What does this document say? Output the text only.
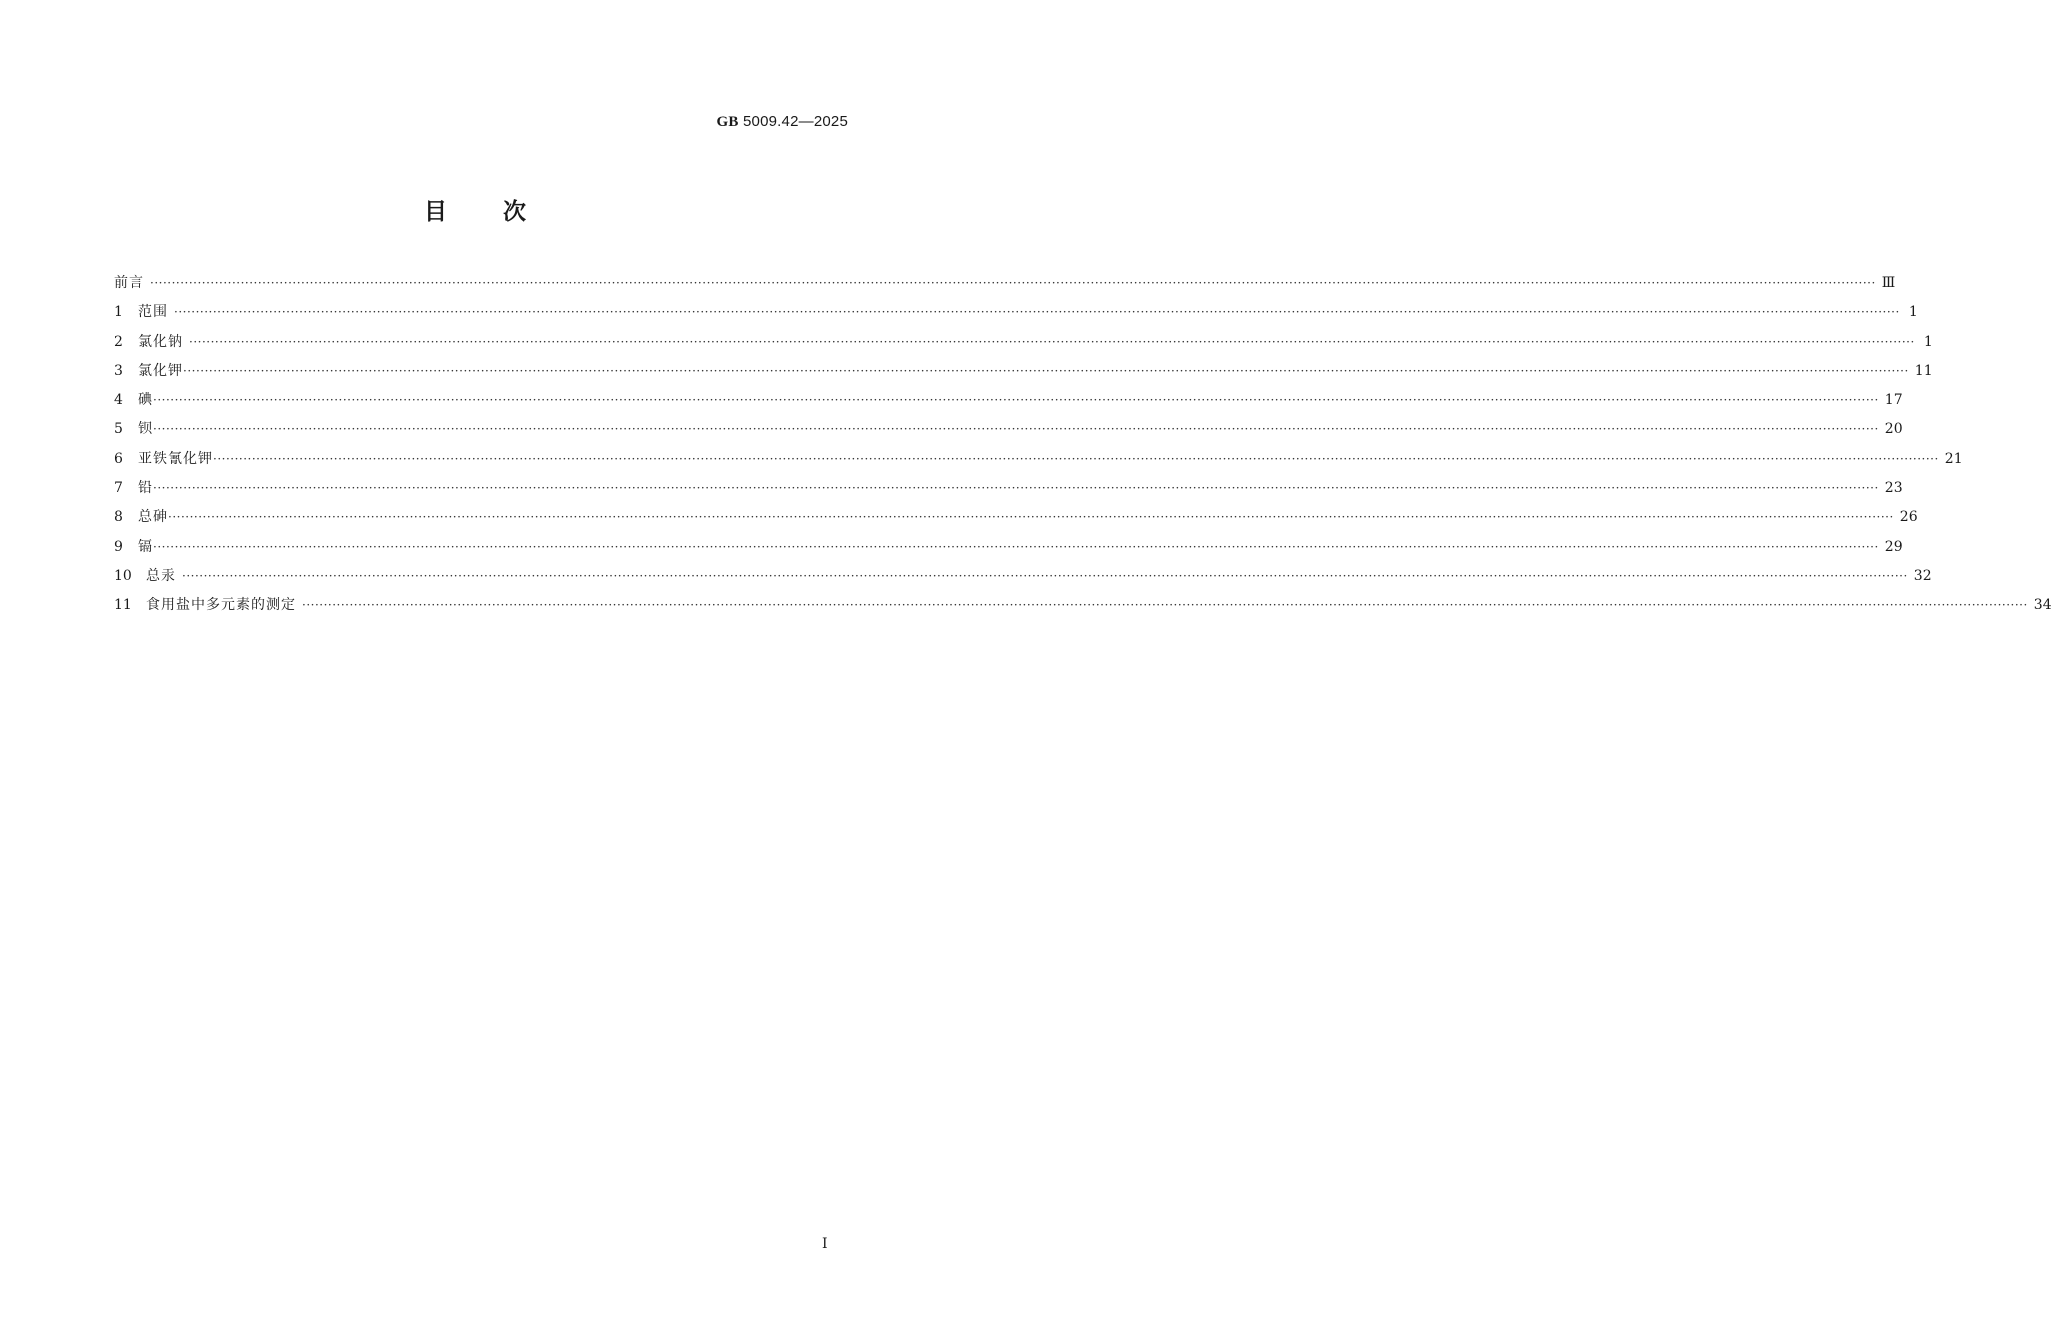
GB 5009.42—2025
目 次
前言 ················································································································································································································································································································································································································ Ⅲ
1	范围 ················································································································································································································································································································································································································ 1
2	氯化钠 ················································································································································································································································································································································································································ 1
3	氯化钾 ················································································································································································································································································································································································································ 11
4	碘 ················································································································································································································································································································································································································ 17
5	钡 ················································································································································································································································································································································································································ 20
6	亚铁氰化钾 ················································································································································································································································································································································································································ 21
7	铅 ················································································································································································································································································································································································································ 23
8	总砷 ················································································································································································································································································································································································································ 26
9	镉 ················································································································································································································································································································································································································ 29
10	总汞 ················································································································································································································································································································································································································ 32
11	食用盐中多元素的测定 ················································································································································································································································································································································································································ 34
Ⅰ
